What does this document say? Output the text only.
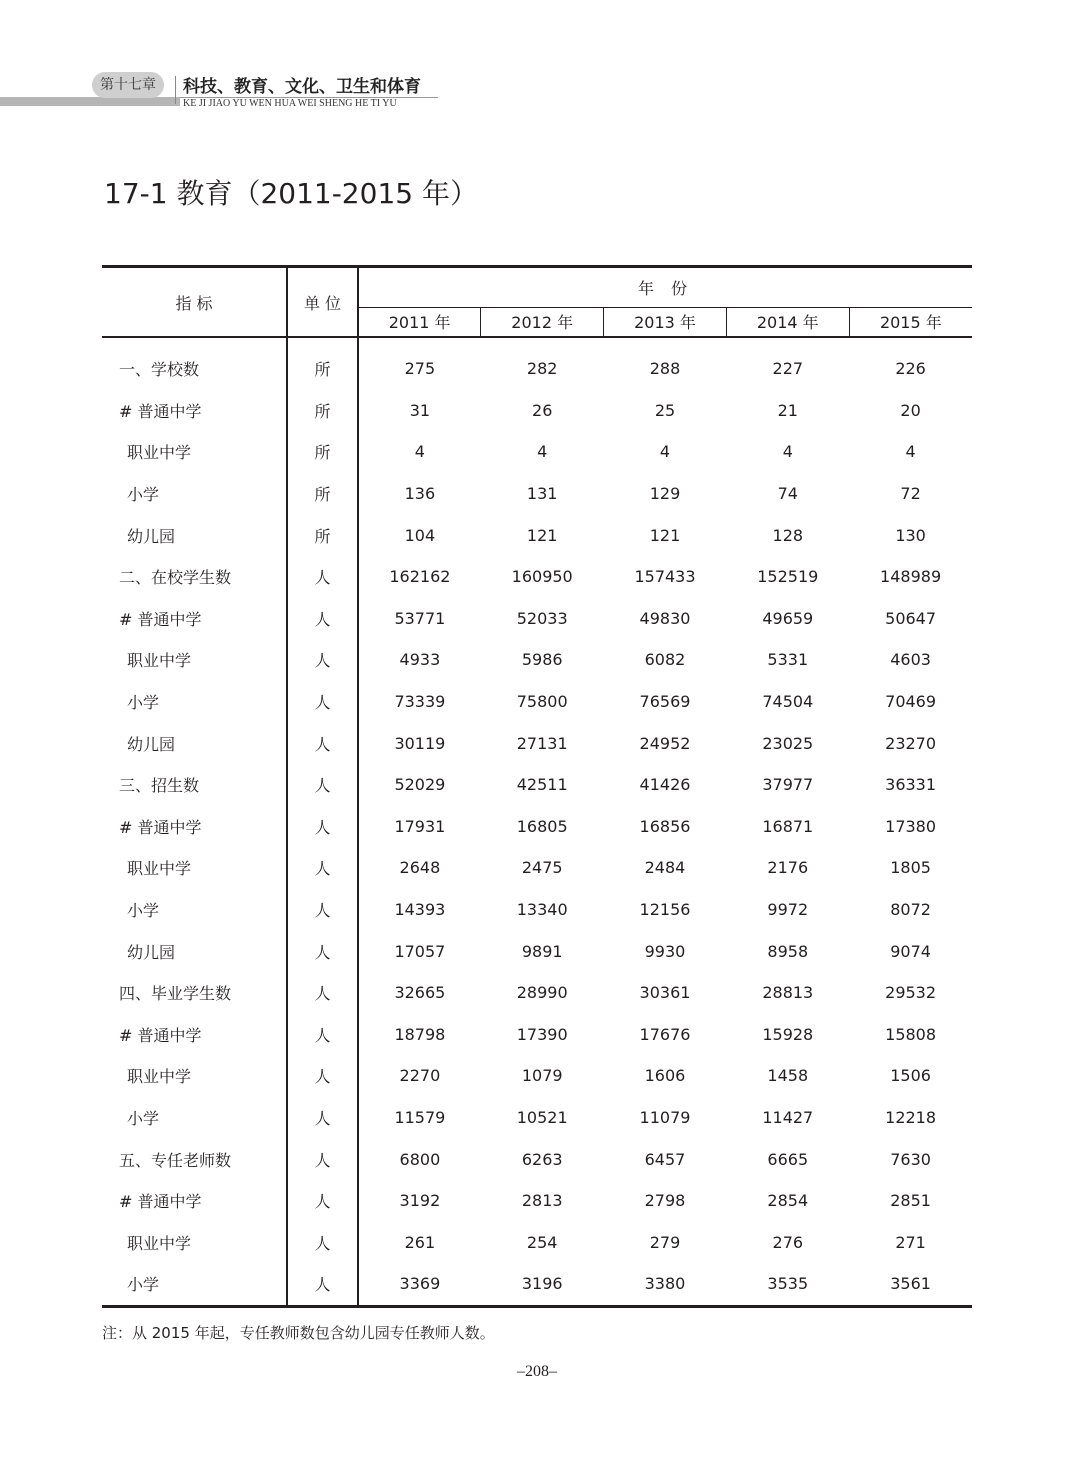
第十七章	科技、教育、文化、卫生和体育
KE JI JIAO YU WEN HUA WEI SHENG HE TI YU
17-1 教育（2011-2015 年）
指 标	单 位	年 份				
		2011 年	2012 年	2013 年	2014 年	2015 年

一、学校数	所	275	282	288	227	226
# 普通中学	所	31	26	25	21	20
职业中学	所	4	4	4	4	4
小学	所	136	131	129	74	72
幼儿园	所	104	121	121	128	130
二、在校学生数	人	162162	160950	157433	152519	148989
# 普通中学	人	53771	52033	49830	49659	50647
职业中学	人	4933	5986	6082	5331	4603
小学	人	73339	75800	76569	74504	70469
幼儿园	人	30119	27131	24952	23025	23270
三、招生数	人	52029	42511	41426	37977	36331
# 普通中学	人	17931	16805	16856	16871	17380
职业中学	人	2648	2475	2484	2176	1805
小学	人	14393	13340	12156	9972	8072
幼儿园	人	17057	9891	9930	8958	9074
四、毕业学生数	人	32665	28990	30361	28813	29532
# 普通中学	人	18798	17390	17676	15928	15808
职业中学	人	2270	1079	1606	1458	1506
小学	人	11579	10521	11079	11427	12218
五、专任老师数	人	6800	6263	6457	6665	7630
# 普通中学	人	3192	2813	2798	2854	2851
职业中学	人	261	254	279	276	271
小学	人	3369	3196	3380	3535	3561
注：从 2015 年起，专任教师数包含幼儿园专任教师人数。
–208–
